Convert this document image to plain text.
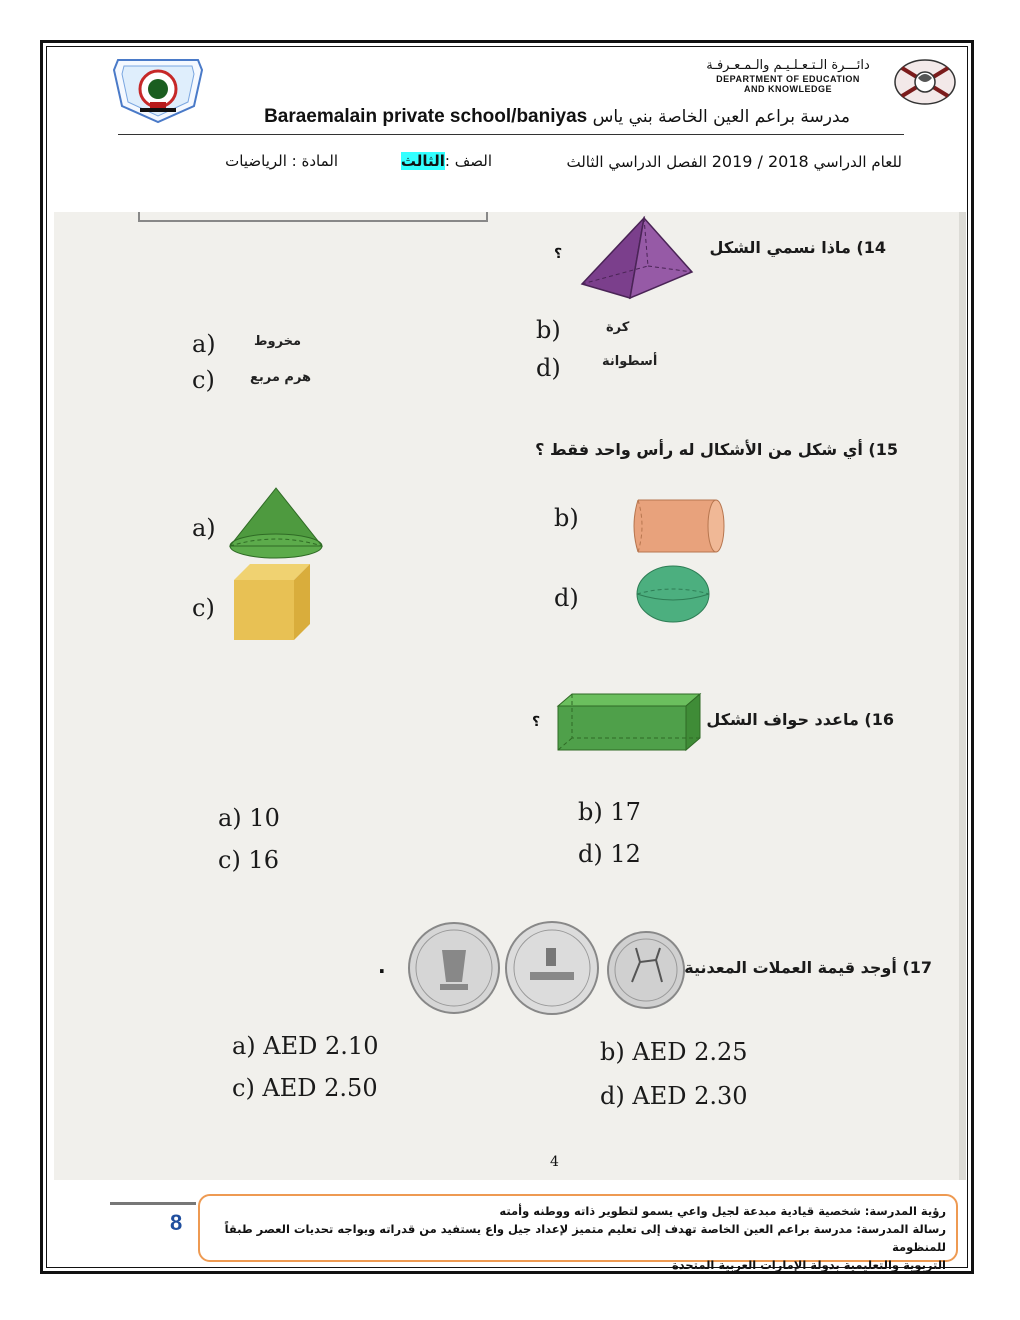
دائـــرة الـتـعـلـيـم والـمـعـرفـة
DEPARTMENT OF EDUCATION
AND KNOWLEDGE
مدرسة براعم العين الخاصة بني ياس Baraemalain private school/baniyas
للعام الدراسي 2019 / 2018 الفصل الدراسي الثالث
الصف :الثالث
المادة : الرياضيات
14) ماذا نسمي الشكل
؟
a)	مخروط	b)	كرة
c)	هرم مربع	d)	أسطوانة
15) أي شكل من الأشكال له رأس واحد فقط ؟
a)	b)
c)	d)
16) ماعدد حواف الشكل
؟
a) 10	b) 17
c) 16	d) 12
17) أوجد قيمة العملات المعدنية
.
a) AED 2.10	b) AED 2.25
c) AED 2.50	d) AED 2.30
4
8	رؤية المدرسة: شخصية قيادية مبدعة لجيل واعي يسمو لتطوير ذاته ووطنه وأمته
رسالة المدرسة: مدرسة براعم العين الخاصة تهدف إلى تعليم متميز لإعداد جيل واع يستفيد من قدراته ويواجه تحديات العصر طبقاً للمنظومة
التربوية والتعليمية بدولة الإمارات العربية المتحدة
